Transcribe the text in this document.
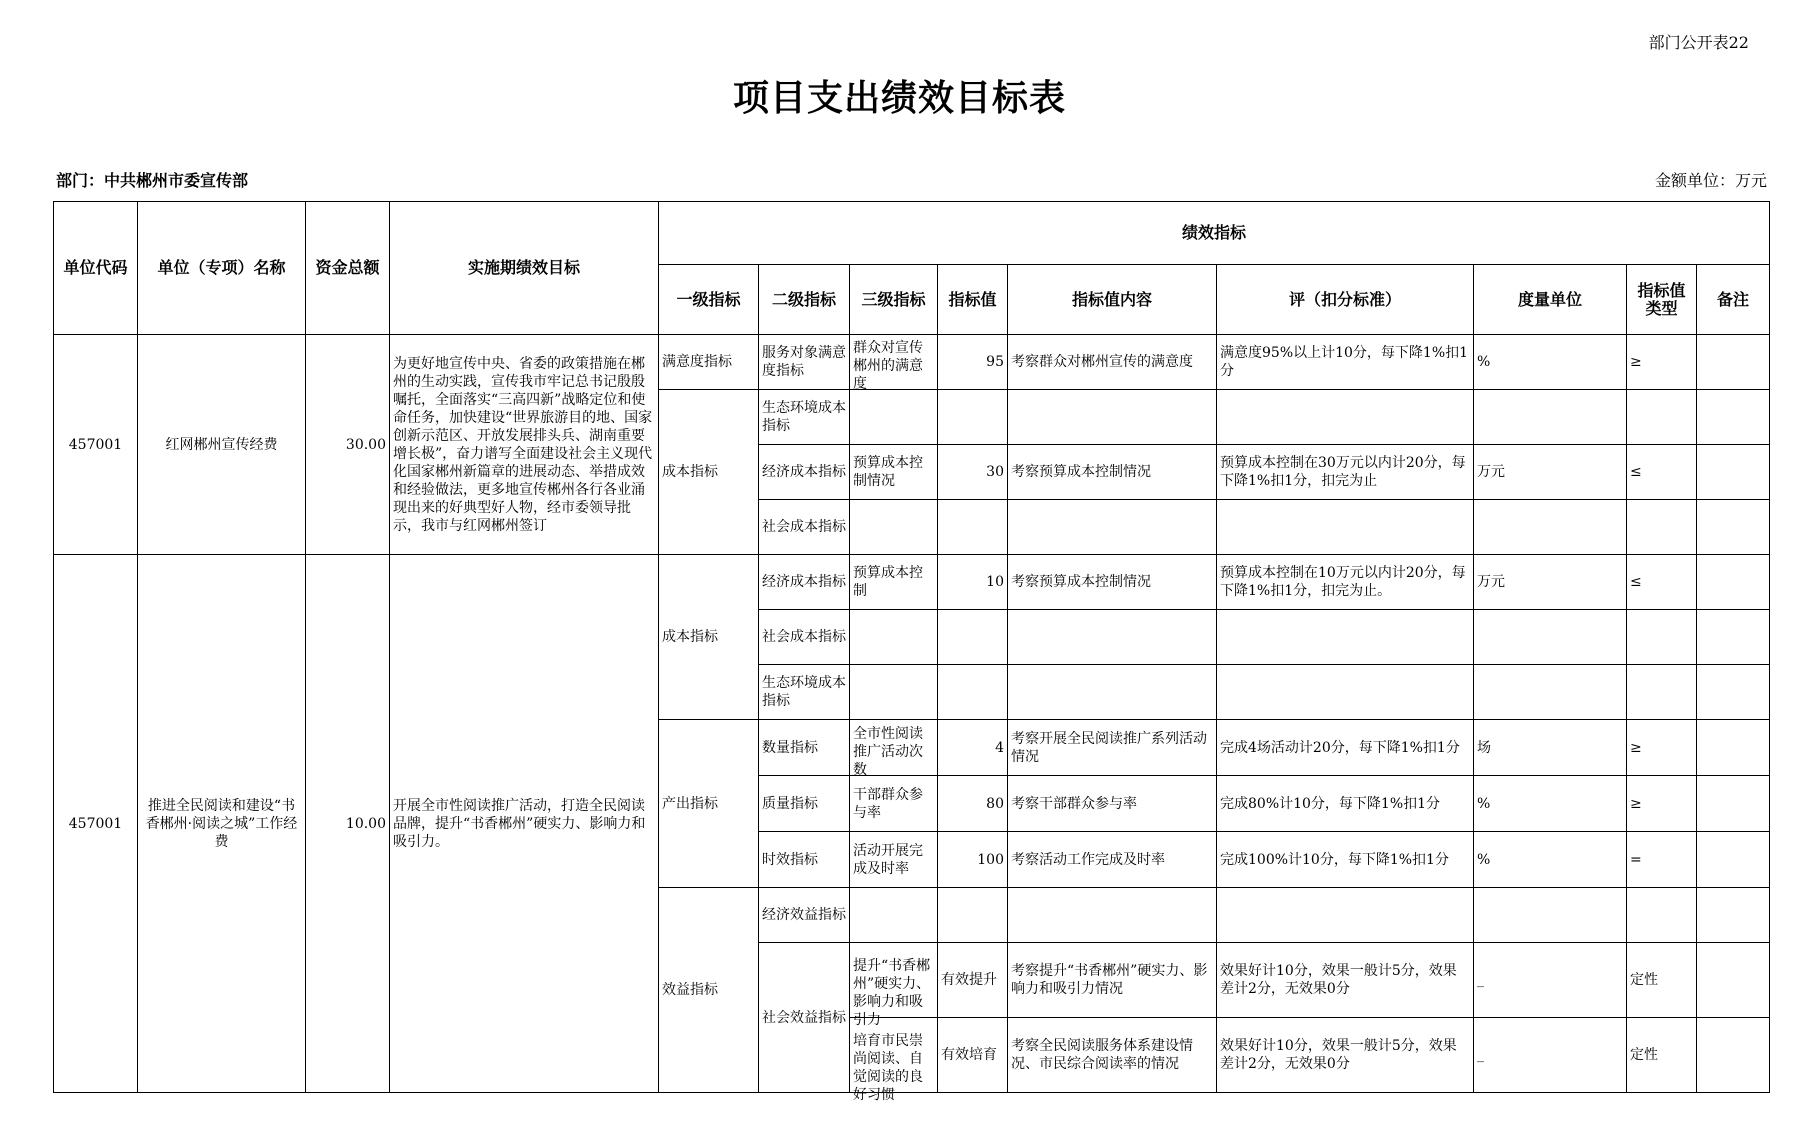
部门公开表22
项目支出绩效目标表
部门：中共郴州市委宣传部	金额单位：万元
单位代码	单位（专项）名称	资金总额	实施期绩效目标	绩效指标								
				一级指标	二级指标	三级指标	指标值	指标值内容	评（扣分标准）	度量单位	指标值类型	备注
457001	红网郴州宣传经费	30.00	为更好地宣传中央、省委的政策措施在郴州的生动实践，宣传我市牢记总书记殷殷嘱托，全面落实“三高四新”战略定位和使命任务，加快建设“世界旅游目的地、国家创新示范区、开放发展排头兵、湖南重要增长极”，奋力谱写全面建设社会主义现代化国家郴州新篇章的进展动态、举措成效和经验做法，更多地宣传郴州各行各业涌现出来的好典型好人物，经市委领导批示，我市与红网郴州签订	满意度指标	服务对象满意度指标	群众对宣传郴州的满意度	95	考察群众对郴州宣传的满意度	满意度95%以上计10分，每下降1%扣1分	%	≥	
				成本指标	生态环境成本指标	

					经济成本指标	预算成本控制情况	30	考察预算成本控制情况	预算成本控制在30万元以内计20分，每下降1%扣1分，扣完为止	万元	≤	
					社会成本指标	

457001	推进全民阅读和建设“书香郴州·阅读之城”工作经费	10.00	开展全市性阅读推广活动，打造全民阅读品牌，提升“书香郴州”硬实力、影响力和吸引力。	成本指标	经济成本指标	预算成本控制	10	考察预算成本控制情况	预算成本控制在10万元以内计20分，每下降1%扣1分，扣完为止。	万元	≤	
					社会成本指标	

					生态环境成本指标	

				产出指标	数量指标	全市性阅读推广活动次数	4	考察开展全民阅读推广系列活动情况	完成4场活动计20分，每下降1%扣1分	场	≥	
					质量指标	干部群众参与率	80	考察干部群众参与率	完成80%计10分，每下降1%扣1分	%	≥	
					时效指标	活动开展完成及时率	100	考察活动工作完成及时率	完成100%计10分，每下降1%扣1分	%	=	
				效益指标	经济效益指标	

					社会效益指标	提升“书香郴州”硬实力、影响力和吸引力	有效提升	考察提升“书香郴州”硬实力、影响力和吸引力情况	效果好计10分，效果一般计5分，效果差计2分，无效果0分	_	定性	

						培育市民崇尚阅读、自觉阅读的良好习惯	有效培育	考察全民阅读服务体系建设情况、市民综合阅读率的情况	效果好计10分，效果一般计5分，效果差计2分，无效果0分	_	定性	
